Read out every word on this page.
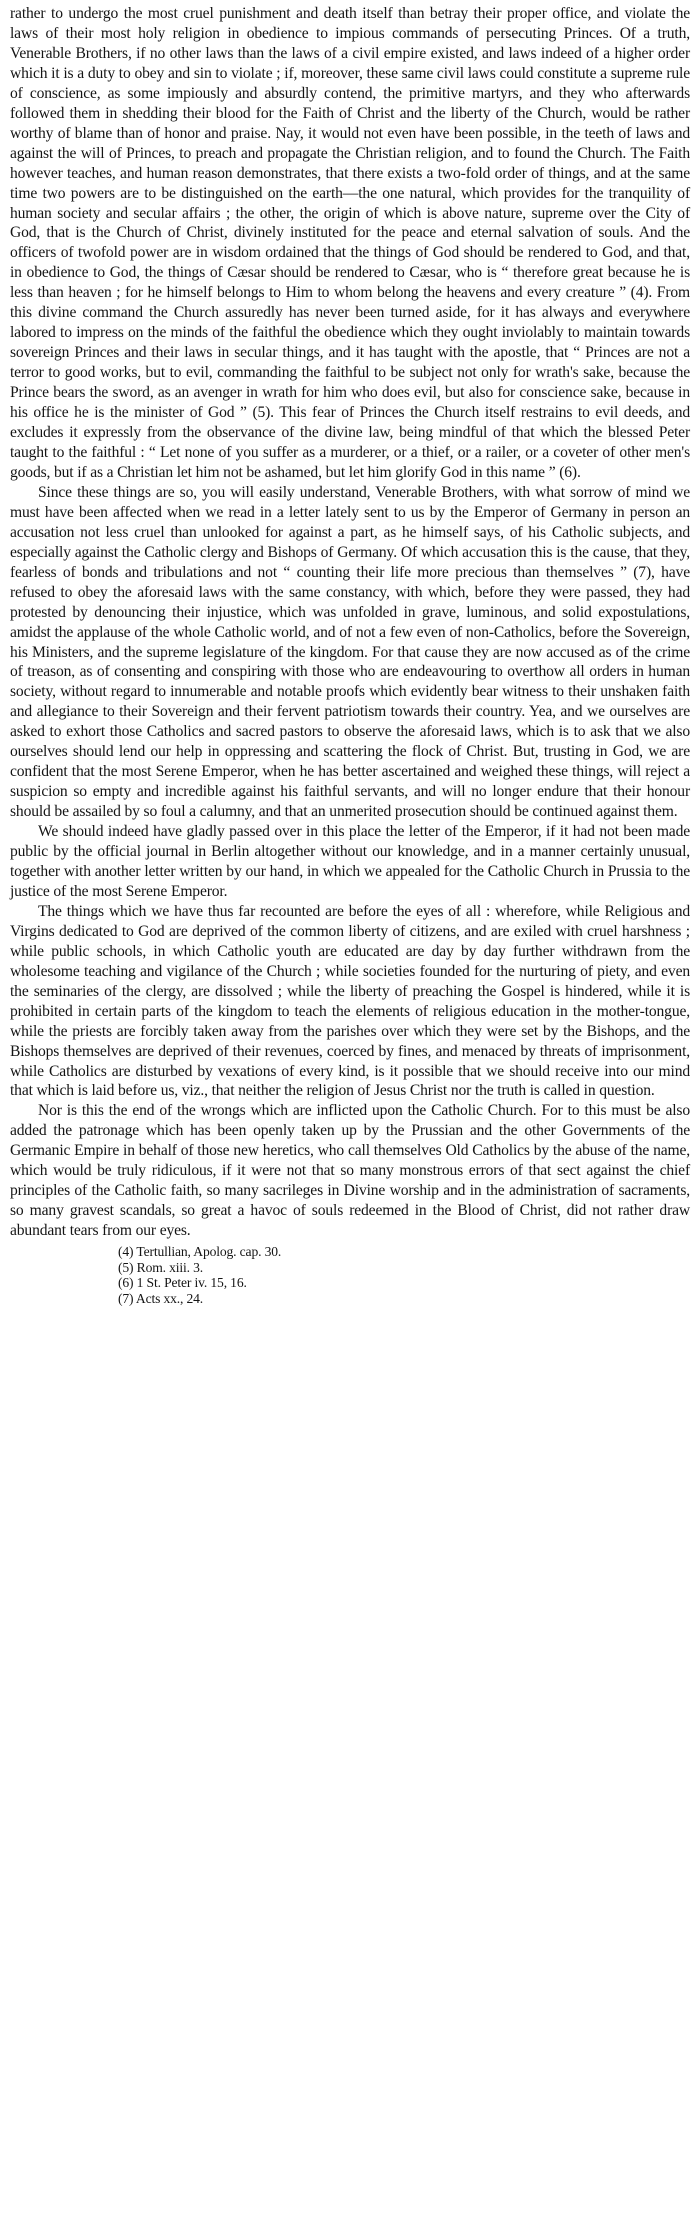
rather to undergo the most cruel punishment and death itself than betray their proper office, and violate the laws of their most holy religion in obedience to impious commands of persecuting Princes. Of a truth, Venerable Brothers, if no other laws than the laws of a civil empire existed, and laws indeed of a higher order which it is a duty to obey and sin to violate ; if, moreover, these same civil laws could constitute a supreme rule of conscience, as some impiously and absurdly contend, the primitive martyrs, and they who afterwards followed them in shedding their blood for the Faith of Christ and the liberty of the Church, would be rather worthy of blame than of honor and praise. Nay, it would not even have been possible, in the teeth of laws and against the will of Princes, to preach and propagate the Christian religion, and to found the Church. The Faith however teaches, and human reason demonstrates, that there exists a two-fold order of things, and at the same time two powers are to be distinguished on the earth—the one natural, which provides for the tranquility of human society and secular affairs ; the other, the origin of which is above nature, supreme over the City of God, that is the Church of Christ, divinely instituted for the peace and eternal salvation of souls. And the officers of twofold power are in wisdom ordained that the things of God should be rendered to God, and that, in obedience to God, the things of Cæsar should be rendered to Cæsar, who is “ therefore great because he is less than heaven ; for he himself belongs to Him to whom belong the heavens and every creature ” (4). From this divine command the Church assuredly has never been turned aside, for it has always and everywhere labored to impress on the minds of the faithful the obedience which they ought inviolably to maintain towards sovereign Princes and their laws in secular things, and it has taught with the apostle, that “ Princes are not a terror to good works, but to evil, commanding the faithful to be subject not only for wrath's sake, because the Prince bears the sword, as an avenger in wrath for him who does evil, but also for conscience sake, because in his office he is the minister of God ” (5). This fear of Princes the Church itself restrains to evil deeds, and excludes it expressly from the observance of the divine law, being mindful of that which the blessed Peter taught to the faithful : “ Let none of you suffer as a murderer, or a thief, or a railer, or a coveter of other men's goods, but if as a Christian let him not be ashamed, but let him glorify God in this name ” (6).

Since these things are so, you will easily understand, Venerable Brothers, with what sorrow of mind we must have been affected when we read in a letter lately sent to us by the Emperor of Germany in person an accusation not less cruel than unlooked for against a part, as he himself says, of his Catholic subjects, and especially against the Catholic clergy and Bishops of Germany. Of which accusation this is the cause, that they, fearless of bonds and tribulations and not “ counting their life more precious than themselves ” (7), have refused to obey the aforesaid laws with the same constancy, with which, before they were passed, they had protested by denouncing their injustice, which was unfolded in grave, luminous, and solid expostulations, amidst the applause of the whole Catholic world, and of not a few even of non-Catholics, before the Sovereign, his Ministers, and the supreme legislature of the kingdom. For that cause they are now accused as of the crime of treason, as of consenting and conspiring with those who are endeavouring to overthow all orders in human society, without regard to innumerable and notable proofs which evidently bear witness to their unshaken faith and allegiance to their Sovereign and their fervent patriotism towards their country. Yea, and we ourselves are asked to exhort those Catholics and sacred pastors to observe the aforesaid laws, which is to ask that we also ourselves should lend our help in oppressing and scattering the flock of Christ. But, trusting in God, we are confident that the most Serene Emperor, when he has better ascertained and weighed these things, will reject a suspicion so empty and incredible against his faithful servants, and will no longer endure that their honour should be assailed by so foul a calumny, and that an unmerited prosecution should be continued against them.

We should indeed have gladly passed over in this place the letter of the Emperor, if it had not been made public by the official journal in Berlin altogether without our knowledge, and in a manner certainly unusual, together with another letter written by our hand, in which we appealed for the Catholic Church in Prussia to the justice of the most Serene Emperor.

The things which we have thus far recounted are before the eyes of all : wherefore, while Religious and Virgins dedicated to God are deprived of the common liberty of citizens, and are exiled with cruel harshness ; while public schools, in which Catholic youth are educated are day by day further withdrawn from the wholesome teaching and vigilance of the Church ; while societies founded for the nurturing of piety, and even the seminaries of the clergy, are dissolved ; while the liberty of preaching the Gospel is hindered, while it is prohibited in certain parts of the kingdom to teach the elements of religious education in the mother-tongue, while the priests are forcibly taken away from the parishes over which they were set by the Bishops, and the Bishops themselves are deprived of their revenues, coerced by fines, and menaced by threats of imprisonment, while Catholics are disturbed by vexations of every kind, is it possible that we should receive into our mind that which is laid before us, viz., that neither the religion of Jesus Christ nor the truth is called in question.

Nor is this the end of the wrongs which are inflicted upon the Catholic Church. For to this must be also added the patronage which has been openly taken up by the Prussian and the other Governments of the Germanic Empire in behalf of those new heretics, who call themselves Old Catholics by the abuse of the name, which would be truly ridiculous, if it were not that so many monstrous errors of that sect against the chief principles of the Catholic faith, so many sacrileges in Divine worship and in the administration of sacraments, so many gravest scandals, so great a havoc of souls redeemed in the Blood of Christ, did not rather draw abundant tears from our eyes.

(4) Tertullian, Apolog. cap. 30.

(5) Rom. xiii. 3.

(6) 1 St. Peter iv. 15, 16.

(7) Acts xx., 24.
